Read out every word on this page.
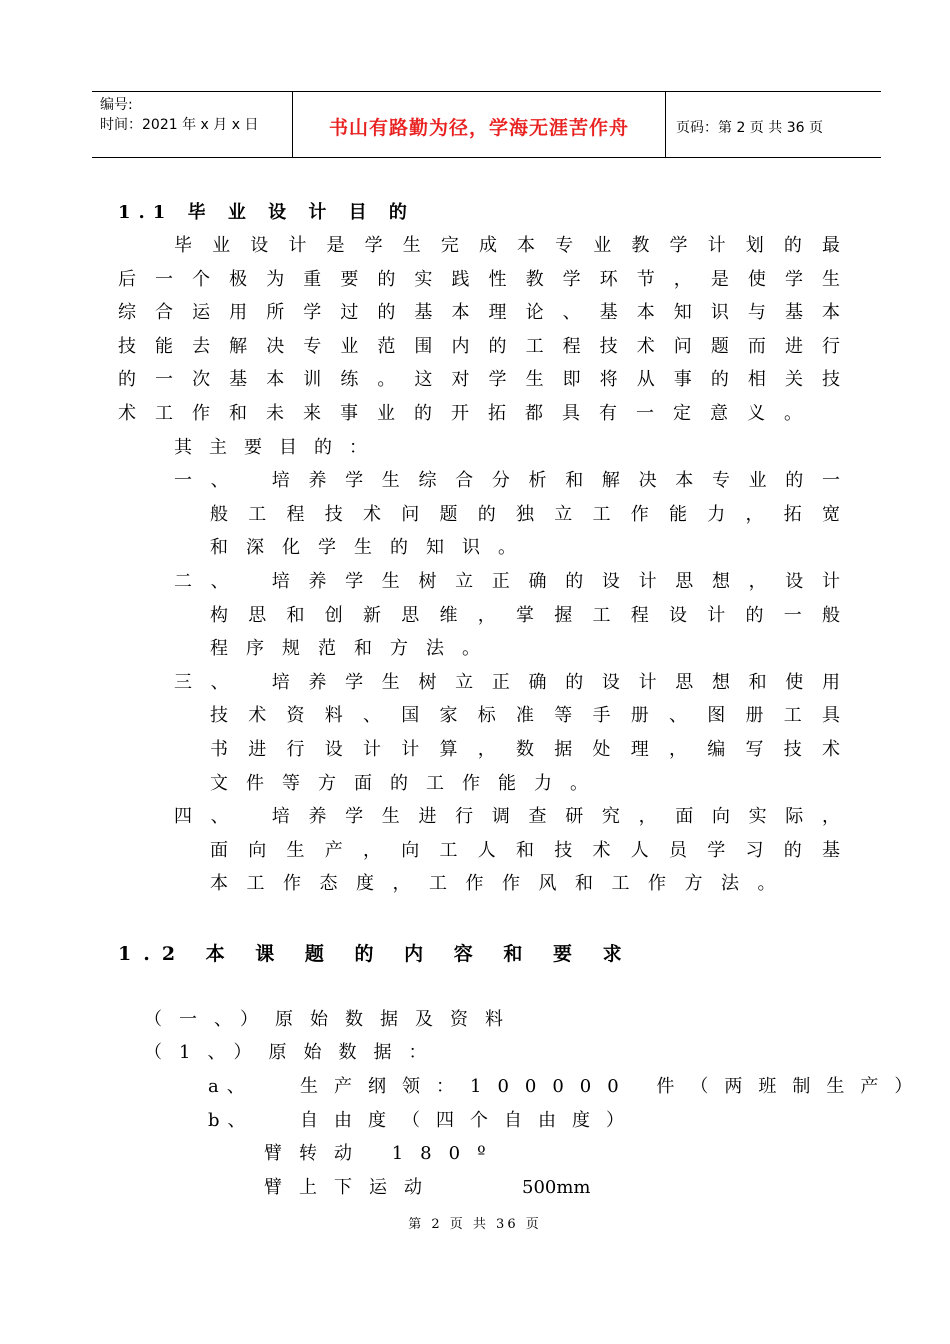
编号:
时间：2021 年 x 月 x 日	书山有路勤为径，学海无涯苦作舟	页码：第 2 页 共 36 页
1.1 毕 业 设 计 目 的
毕业设计是学生完成本专业教学计划的最
后一个极为重要的实践性教学环节，是使学生
综合运用所学过的基本理论、基本知识与基本
技能去解决专业范围内的工程技术问题而进行
的一次基本训练。这对学生即将从事的相关技
术工作和未来事业的开拓都具有一定意义。
其主要目的：
一、 培养学生综合分析和解决本专业的一
般工程技术问题的独立工作能力，拓宽
和深化学生的知识。
二、 培养学生树立正确的设计思想，设计
构思和创新思维，掌握工程设计的一般
程序规范和方法。
三、 培养学生树立正确的设计思想和使用
技术资料、国家标准等手册、图册工具
书进行设计计算，数据处理，编写技术
文件等方面的工作能力。
四、 培养学生进行调查研究，面向实际，
面向生产，向工人和技术人员学习的基
本工作态度，工作作风和工作方法。
1.2 本 课 题 的 内 容 和 要 求
（一、）原始数据及资料
（1、）原始数据：
a、	生产纲领：100000 件（两班制生产）
b、	自由度（四个自由度）
臂转动 180º
臂上下运动	500mm
第 2 页 共 36 页
